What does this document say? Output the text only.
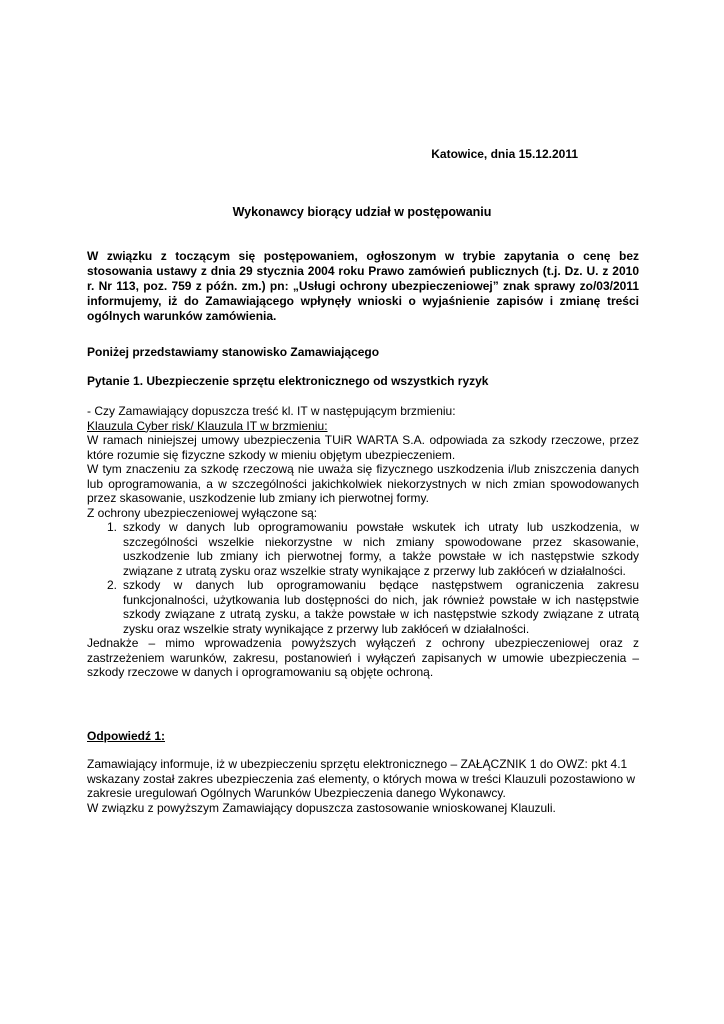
Katowice, dnia 15.12.2011
Wykonawcy biorący udział w postępowaniu
W związku z toczącym się postępowaniem, ogłoszonym w trybie zapytania o cenę bez stosowania ustawy z dnia 29 stycznia 2004 roku Prawo zamówień publicznych (t.j. Dz. U. z 2010 r. Nr 113, poz. 759 z późn. zm.) pn: „Usługi ochrony ubezpieczeniowej” znak sprawy zo/03/2011 informujemy, iż do Zamawiającego wpłynęły wnioski o wyjaśnienie zapisów i zmianę treści ogólnych warunków zamówienia.
Poniżej przedstawiamy stanowisko Zamawiającego
Pytanie 1. Ubezpieczenie sprzętu elektronicznego od wszystkich ryzyk

- Czy Zamawiający dopuszcza treść kl. IT w następującym brzmieniu:

Klauzula Cyber risk/ Klauzula IT w brzmieniu:

W ramach niniejszej umowy ubezpieczenia TUiR WARTA S.A. odpowiada za szkody rzeczowe, przez które rozumie się fizyczne szkody w mieniu objętym ubezpieczeniem.

W tym znaczeniu za szkodę rzeczową nie uważa się fizycznego uszkodzenia i/lub zniszczenia danych lub oprogramowania, a w szczególności jakichkolwiek niekorzystnych w nich zmian spowodowanych przez skasowanie, uszkodzenie lub zmiany ich pierwotnej formy.

Z ochrony ubezpieczeniowej wyłączone są:

1. szkody w danych lub oprogramowaniu powstałe wskutek ich utraty lub uszkodzenia, w szczególności wszelkie niekorzystne w nich zmiany spowodowane przez skasowanie, uszkodzenie lub zmiany ich pierwotnej formy, a także powstałe w ich następstwie szkody związane z utratą zysku oraz wszelkie straty wynikające z przerwy lub zakłóceń w działalności.
2. szkody w danych lub oprogramowaniu będące następstwem ograniczenia zakresu funkcjonalności, użytkowania lub dostępności do nich, jak również powstałe w ich następstwie szkody związane z utratą zysku, a także powstałe w ich następstwie szkody związane z utratą zysku oraz wszelkie straty wynikające z przerwy lub zakłóceń w działalności.

Jednakże – mimo wprowadzenia powyższych wyłączeń z ochrony ubezpieczeniowej oraz z zastrzeżeniem warunków, zakresu, postanowień i wyłączeń zapisanych w umowie ubezpieczenia – szkody rzeczowe w danych i oprogramowaniu są objęte ochroną.

Odpowiedź 1:

Zamawiający informuje, iż w ubezpieczeniu sprzętu elektronicznego – ZAŁĄCZNIK 1 do OWZ: pkt 4.1 wskazany został zakres ubezpieczenia zaś elementy, o których mowa w treści Klauzuli pozostawiono w zakresie uregulowań Ogólnych Warunków Ubezpieczenia danego Wykonawcy.

W związku z powyższym Zamawiający dopuszcza zastosowanie wnioskowanej Klauzuli.
